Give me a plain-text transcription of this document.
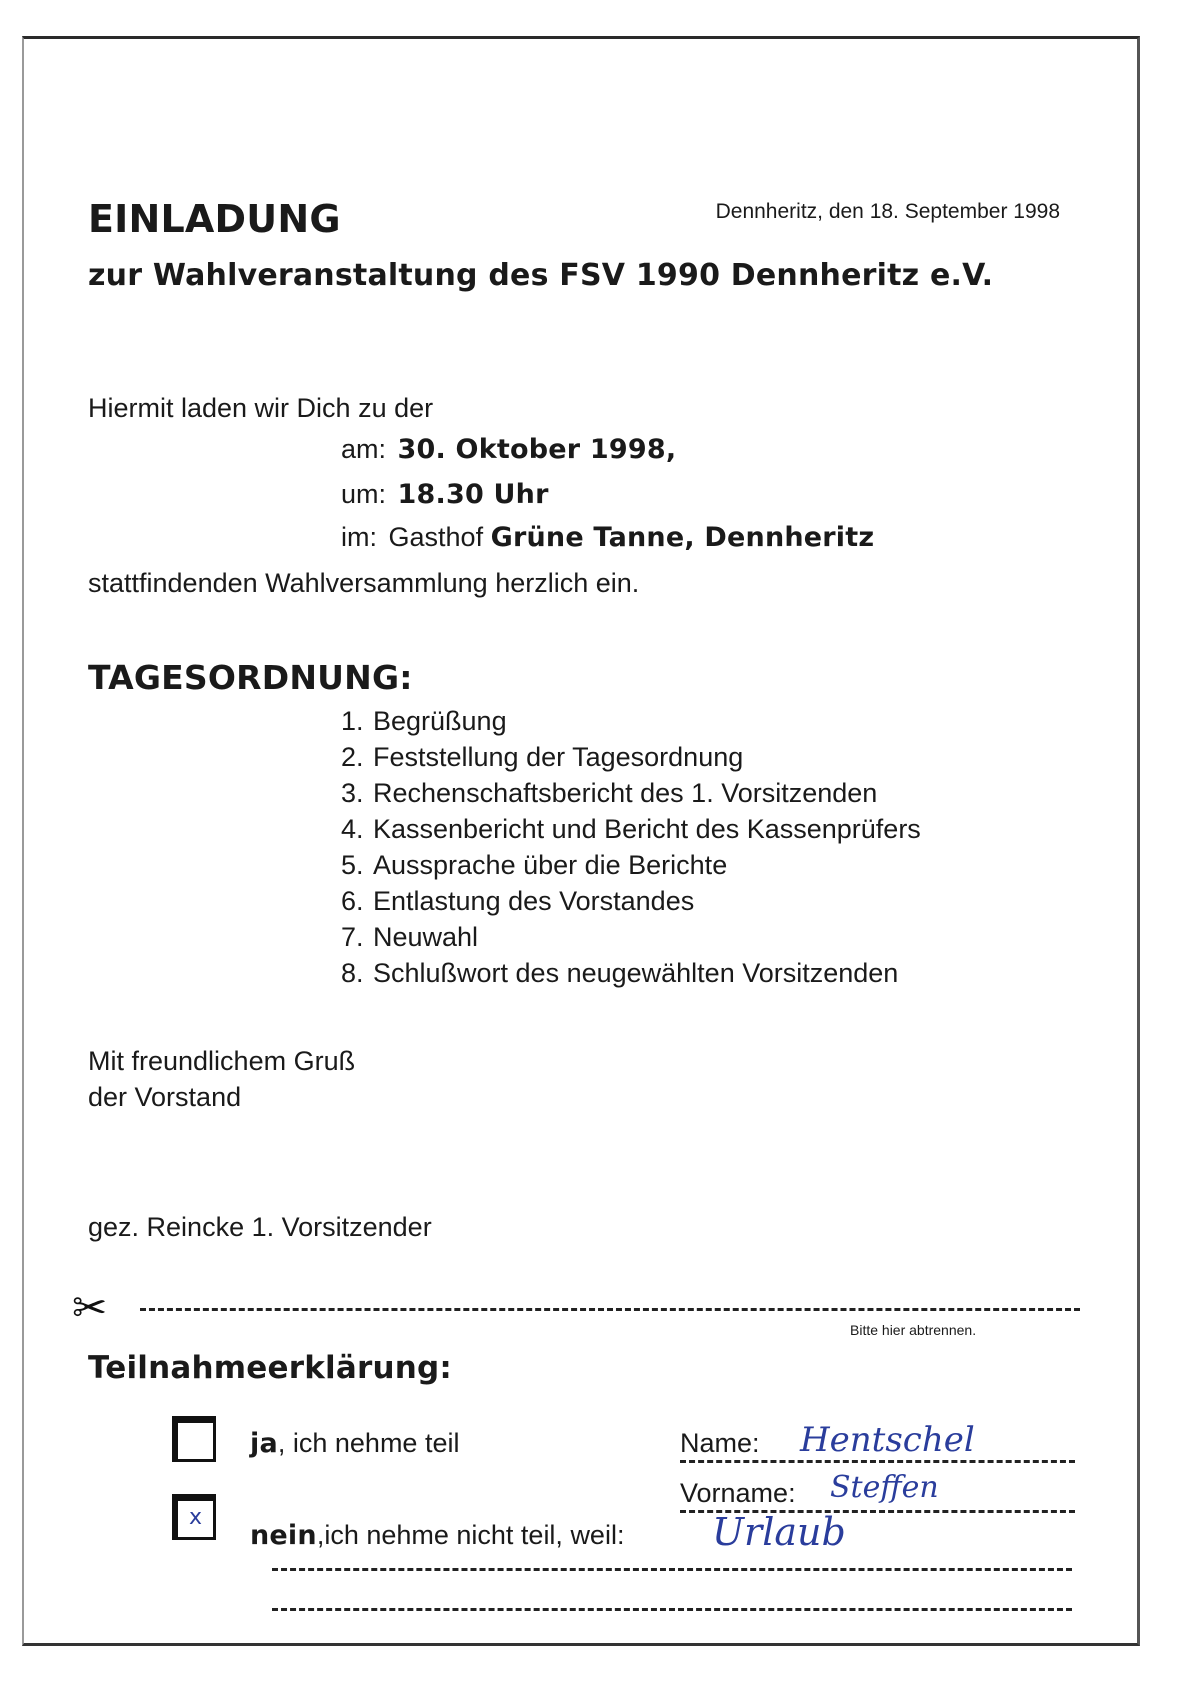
EINLADUNG	Dennheritz, den 18. September 1998
zur Wahlveranstaltung des FSV 1990 Dennheritz e.V.
Hiermit laden wir Dich zu der
am: 30. Oktober 1998,
um: 18.30 Uhr
im: Gasthof Grüne Tanne, Dennheritz
stattfindenden Wahlversammlung herzlich ein.
TAGESORDNUNG:
1. Begrüßung
2. Feststellung der Tagesordnung
3. Rechenschaftsbericht des 1. Vorsitzenden
4. Kassenbericht und Bericht des Kassenprüfers
5. Aussprache über die Berichte
6. Entlastung des Vorstandes
7. Neuwahl
8. Schlußwort des neugewählten Vorsitzenden
Mit freundlichem Gruß
der Vorstand
gez. Reincke 1. Vorsitzender
✂	Bitte hier abtrennen.
Teilnahmeerklärung:
ja, ich nehme teil
x
nein,ich nehme nicht teil, weil:
Name: Hentschel
Vorname: Steffen
Urlaub
